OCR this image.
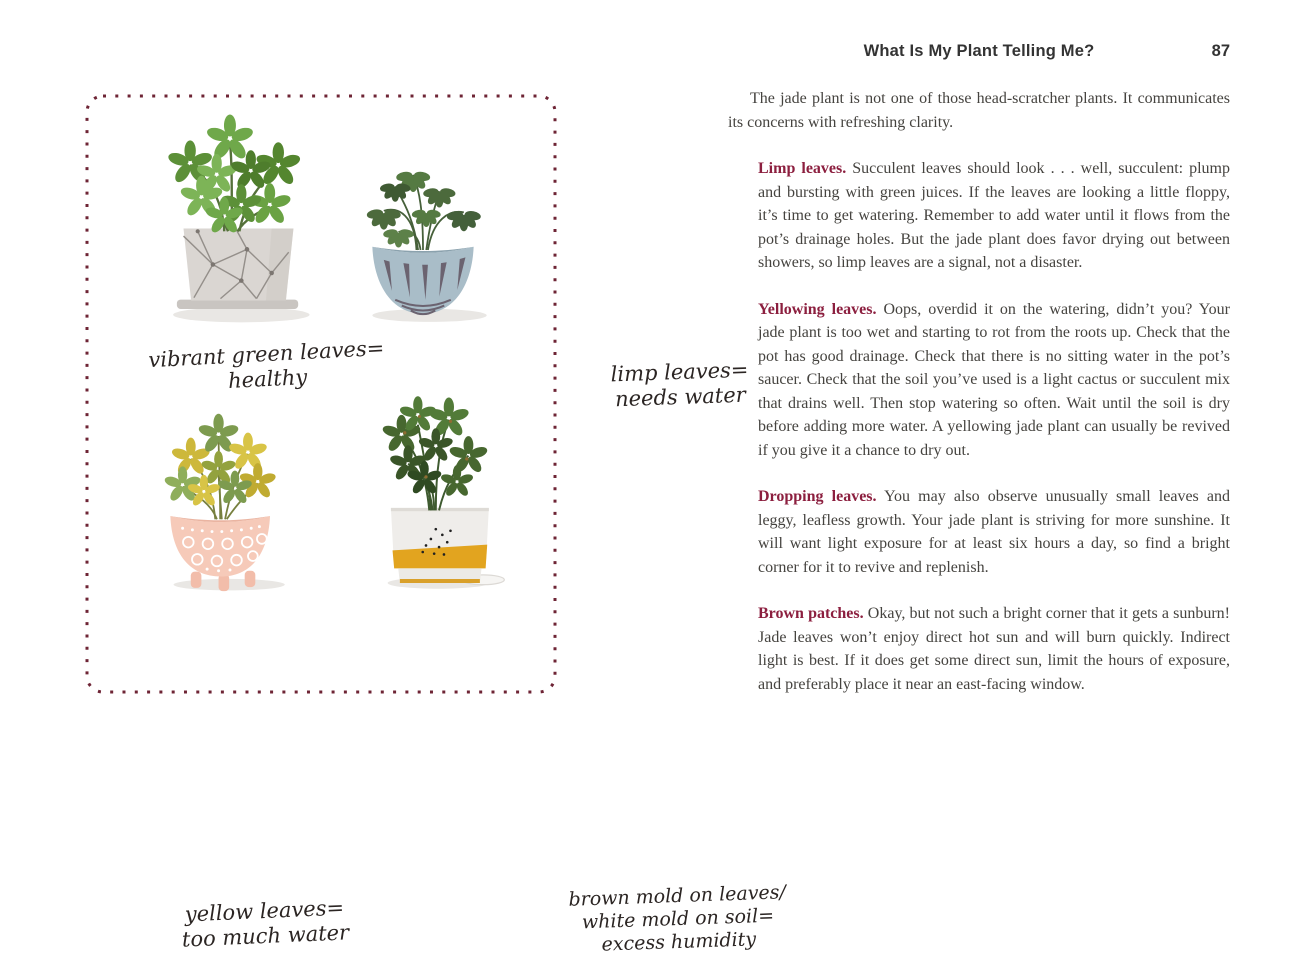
vibrant green leaves=
healthy	limp leaves=
needs water
yellow leaves=
too much water
brown mold on leaves/
white mold on soil=
excess humidity
What Is My Plant Telling Me?	87

The jade plant is not one of those head-scratcher plants. It communicates its concerns with refreshing clarity.

Limp leaves. Succulent leaves should look . . . well, succulent: plump and bursting with green juices. If the leaves are looking a little floppy, it’s time to get watering. Remember to add water until it flows from the pot’s drainage holes. But the jade plant does favor drying out between showers, so limp leaves are a signal, not a disaster.

Yellowing leaves. Oops, overdid it on the watering, didn’t you? Your jade plant is too wet and starting to rot from the roots up. Check that the pot has good drainage. Check that there is no sitting water in the pot’s saucer. Check that the soil you’ve used is a light cactus or succulent mix that drains well. Then stop watering so often. Wait until the soil is dry before adding more water. A yellowing jade plant can usually be revived if you give it a chance to dry out.

Dropping leaves. You may also observe unusually small leaves and leggy, leafless growth. Your jade plant is striving for more sunshine. It will want light exposure for at least six hours a day, so find a bright corner for it to revive and replenish.

Brown patches. Okay, but not such a bright corner that it gets a sunburn! Jade leaves won’t enjoy direct hot sun and will burn quickly. Indirect light is best. If it does get some direct sun, limit the hours of exposure, and preferably place it near an east-facing window.
